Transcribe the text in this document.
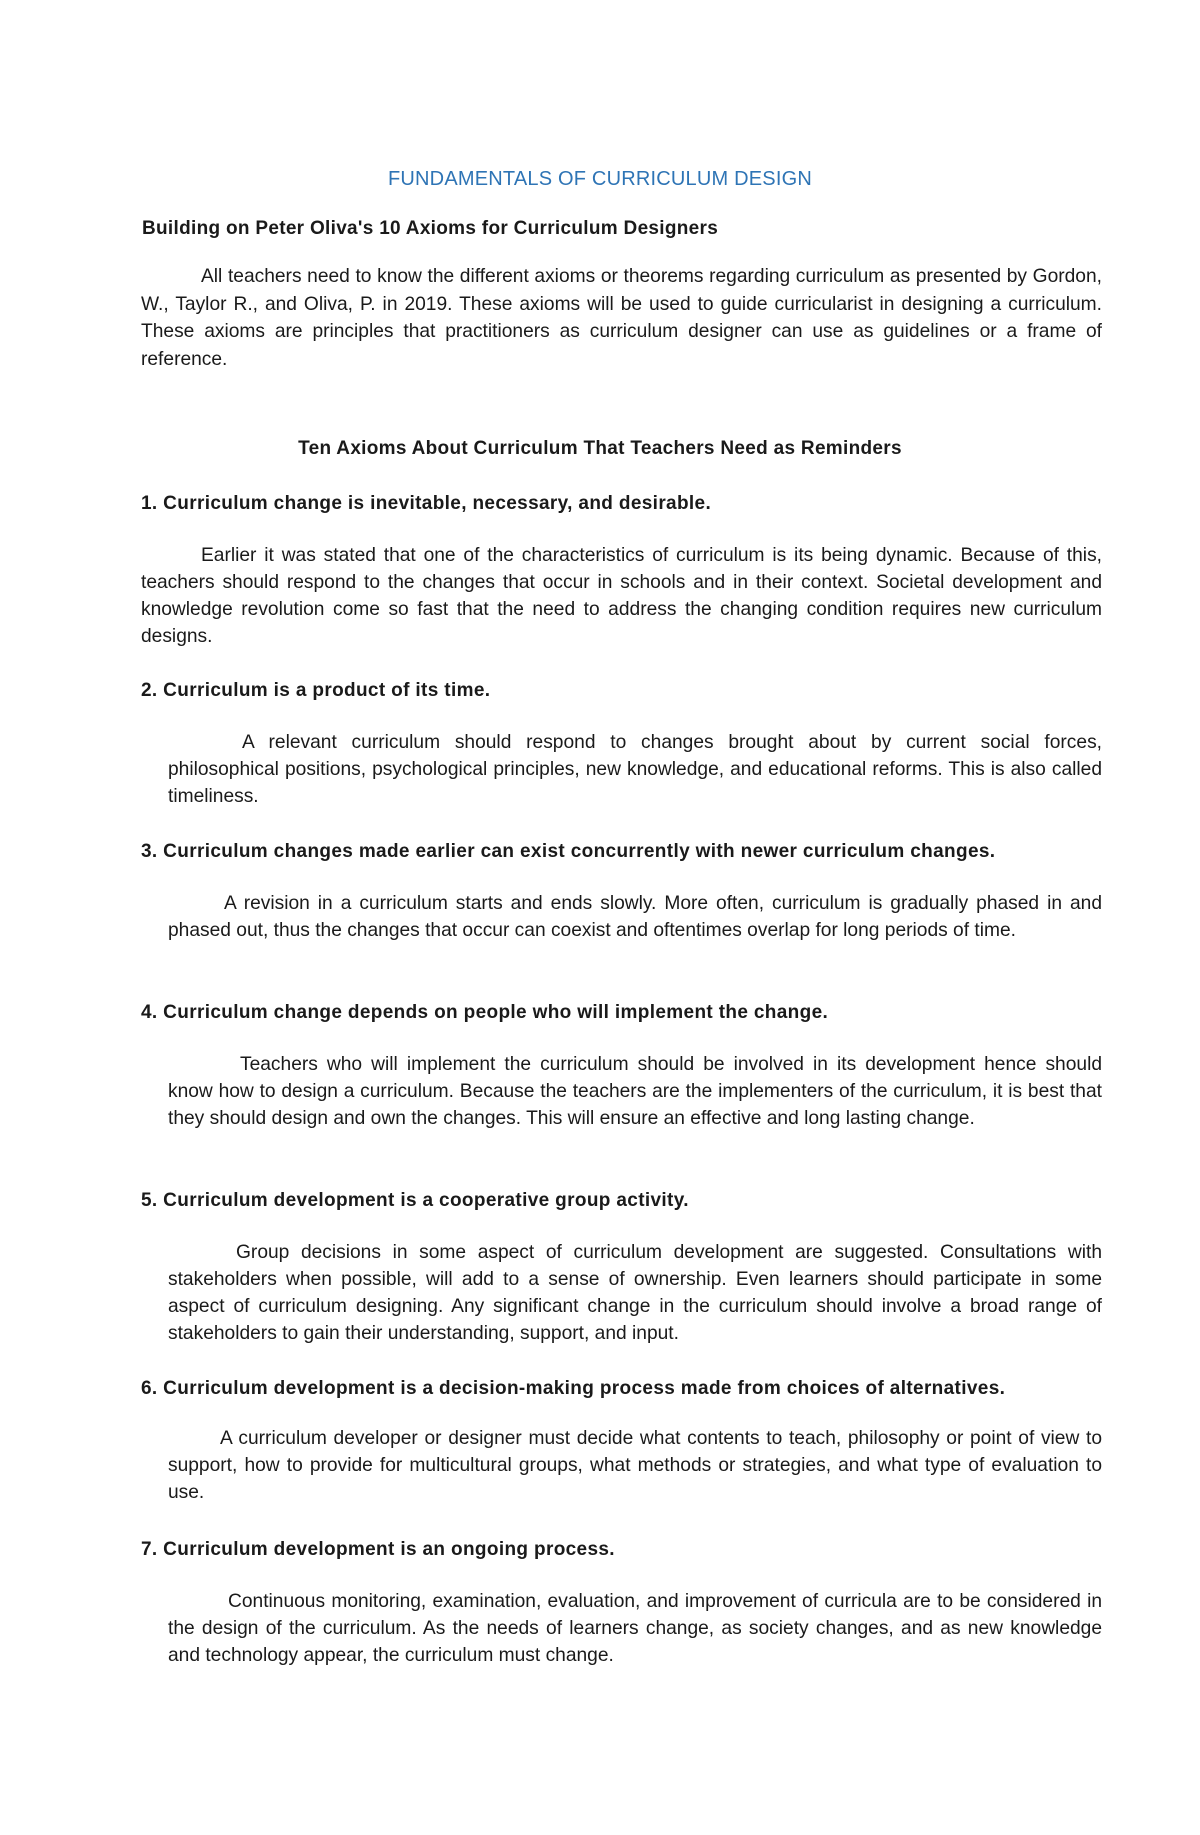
FUNDAMENTALS OF CURRICULUM DESIGN
Building on Peter Oliva's 10 Axioms for Curriculum Designers

All teachers need to know the different axioms or theorems regarding curriculum as presented by Gordon, W., Taylor R., and Oliva, P. in 2019. These axioms will be used to guide curricularist in designing a curriculum. These axioms are principles that practitioners as curriculum designer can use as guidelines or a frame of reference.

Ten Axioms About Curriculum That Teachers Need as Reminders
1. Curriculum change is inevitable, necessary, and desirable.

Earlier it was stated that one of the characteristics of curriculum is its being dynamic. Because of this, teachers should respond to the changes that occur in schools and in their context. Societal development and knowledge revolution come so fast that the need to address the changing condition requires new curriculum designs.

2. Curriculum is a product of its time.

A relevant curriculum should respond to changes brought about by current social forces, philosophical positions, psychological principles, new knowledge, and educational reforms. This is also called timeliness.

3. Curriculum changes made earlier can exist concurrently with newer curriculum changes.

A revision in a curriculum starts and ends slowly. More often, curriculum is gradually phased in and phased out, thus the changes that occur can coexist and oftentimes overlap for long periods of time.

4. Curriculum change depends on people who will implement the change.

Teachers who will implement the curriculum should be involved in its development hence should know how to design a curriculum. Because the teachers are the implementers of the curriculum, it is best that they should design and own the changes. This will ensure an effective and long lasting change.

5. Curriculum development is a cooperative group activity.

Group decisions in some aspect of curriculum development are suggested. Consultations with stakeholders when possible, will add to a sense of ownership. Even learners should participate in some aspect of curriculum designing. Any significant change in the curriculum should involve a broad range of stakeholders to gain their understanding, support, and input.

6. Curriculum development is a decision-making process made from choices of alternatives.

A curriculum developer or designer must decide what contents to teach, philosophy or point of view to support, how to provide for multicultural groups, what methods or strategies, and what type of evaluation to use.

7. Curriculum development is an ongoing process.

Continuous monitoring, examination, evaluation, and improvement of curricula are to be considered in the design of the curriculum. As the needs of learners change, as society changes, and as new knowledge and technology appear, the curriculum must change.
